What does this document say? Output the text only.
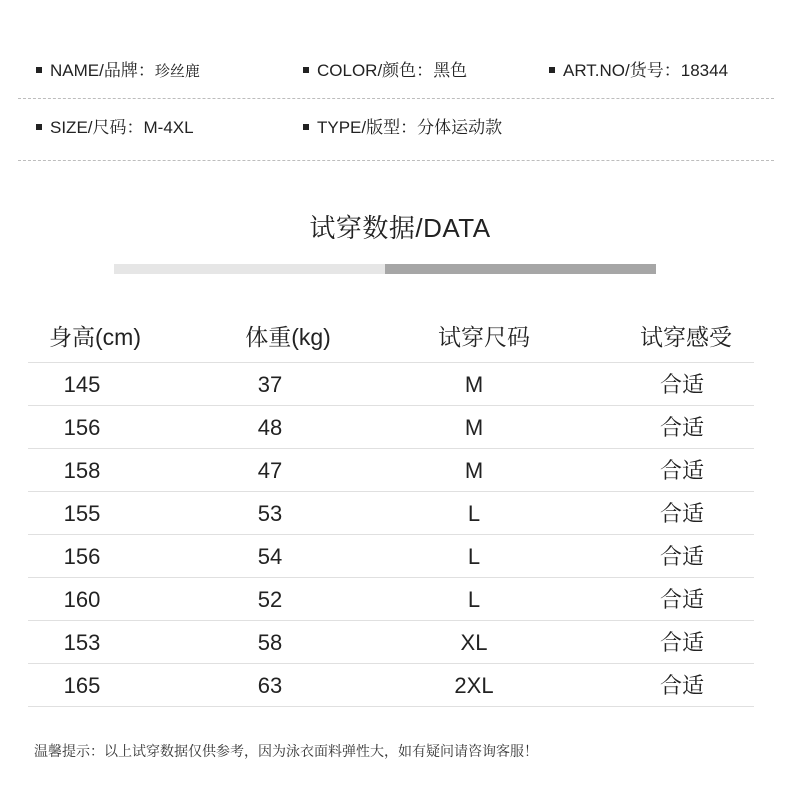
NAME/品牌：珍丝鹿	COLOR/颜色：黑色	ART.NO/货号：18344
SIZE/尺码：M-4XL	TYPE/版型：分体运动款
试穿数据/DATA
身高(cm)	体重(kg)	试穿尺码	试穿感受
145	37	M	合适
156	48	M	合适
158	47	M	合适
155	53	L	合适
156	54	L	合适
160	52	L	合适
153	58	XL	合适
165	63	2XL	合适
温馨提示：以上试穿数据仅供参考，因为泳衣面料弹性大，如有疑问请咨询客服！
